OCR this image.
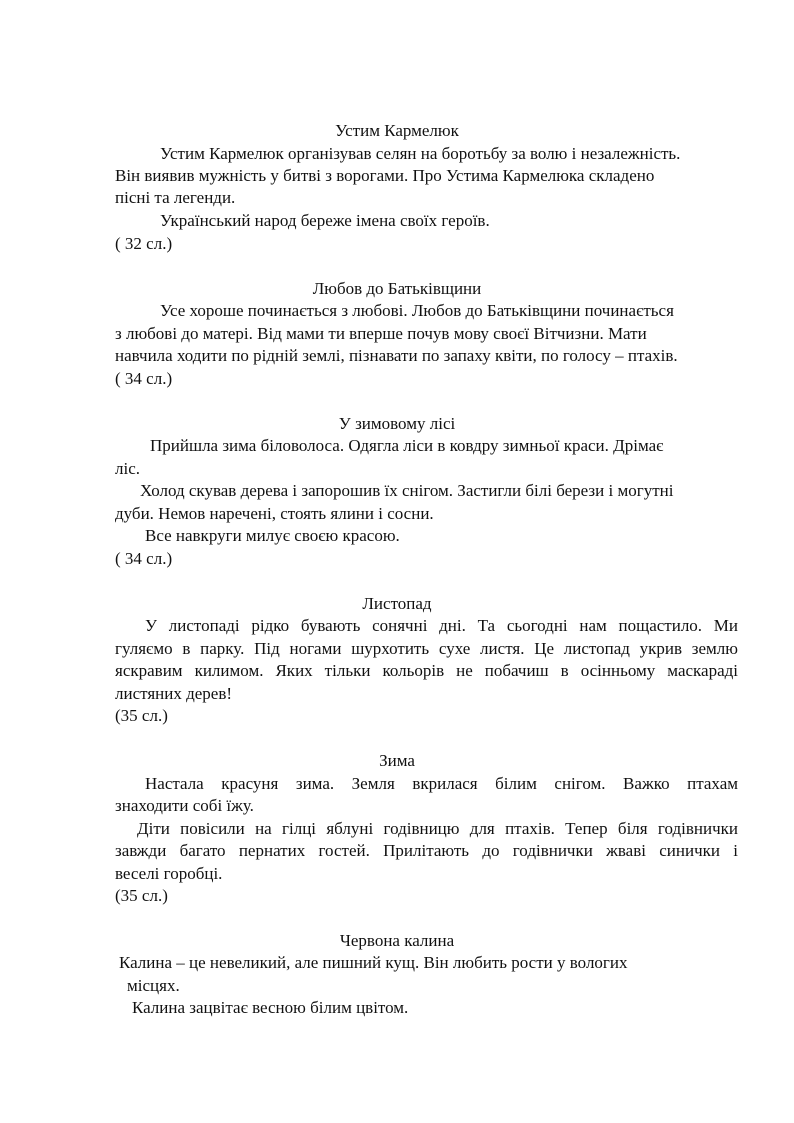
Устим Кармелюк
Устим Кармелюк організував селян на боротьбу за волю і незалежність.
Він виявив мужність у битві з ворогами. Про Устима Кармелюка складено
пісні та легенди.
Український народ береже імена своїх героїв.
( 32 сл.)
Любов до Батьківщини
Усе хороше починається з любові. Любов до Батьківщини починається
з любові до матері. Від мами ти вперше почув мову своєї Вітчизни. Мати
навчила ходити по рідній землі, пізнавати по запаху квіти, по голосу – птахів.
( 34 сл.)
У зимовому лісі
Прийшла зима біловолоса. Одягла ліси в ковдру зимньої краси. Дрімає
ліс.
Холод скував дерева і запорошив їх снігом. Застигли білі берези і могутні
дуби. Немов наречені, стоять ялини і сосни.
Все навкруги милує своєю красою.
( 34 сл.)
Листопад
У листопаді рідко бувають сонячні дні. Та сьогодні нам пощастило. Ми
гуляємо в парку. Під ногами шурхотить сухе листя. Це листопад укрив землю
яскравим килимом. Яких тільки кольорів не побачиш в осінньому маскараді
листяних дерев!
(35 сл.)
Зима
Настала красуня зима. Земля вкрилася білим снігом. Важко птахам
знаходити собі їжу.
Діти повісили на гілці яблуні годівницю для птахів. Тепер біля годівнички
завжди багато пернатих гостей. Прилітають до годівнички жваві синички і
веселі горобці.
(35 сл.)
Червона калина
Калина – це невеликий, але пишний кущ. Він любить рости у вологих
місцях.
Калина зацвітає весною білим цвітом.
